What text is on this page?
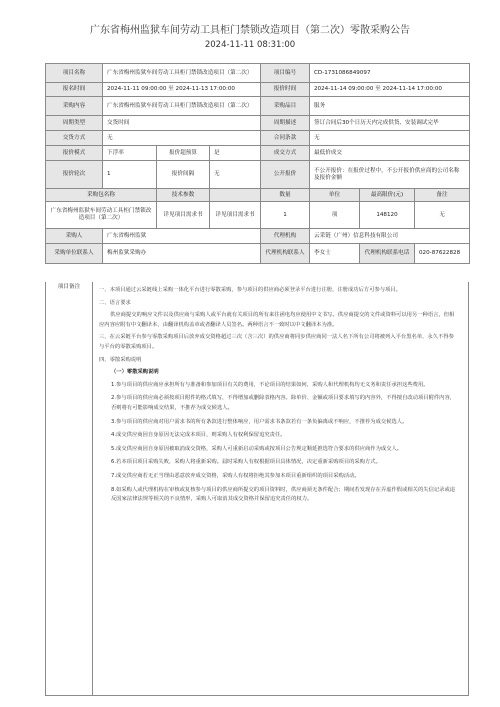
广东省梅州监狱车间劳动工具柜门禁锁改造项目（第二次）零散采购公告
2024-11-11 08:31:00
项目名称	广东省梅州监狱车间劳动工具柜门禁锁改造项目（第二次）			项目编号	CD-1731086849097		
报名时间	2024-11-11 09:00:00 至 2024-11-13 17:00:00			报价时间	2024-11-14 09:00:00 至 2024-11-14 17:00:00		
采购内容	广东省梅州监狱车间劳动工具柜门禁锁改造项目（第二次）			采购品目	服务		
周期类型	交货时间			周期描述	签订合同后30个日历天内完成供货、安装调试完毕		
交货方式	无			合同条款	无		
报价模式	下浮率	报价超预算	是	成交方式	最低价成交		
报价轮次	1	报价间隔	无	公开报价	不公开报价：在报价过程中，不公开报价供应商的公司名称及报价金额		
采购包名称		技术参数		数量	单位	最高限价(元)	备注
广东省梅州监狱车间劳动工具柜门禁锁改造项目（第二次）		详见项目需求书	详见项目需求书	1	项	148120	无
采购人	广东省梅州监狱			代理机构	云采链（广州）信息科技有限公司		
采购单位联系人	梅州监狱采购办			代理机构联系人	李女士	代理机构联系电话	020-87622828
项目备注	一、本项目通过云采链线上采购一体化平台进行零散采购，参与项目的供应商必须登录平台进行注册，注册成功后方可参与项目。
二、语言要求
供应商提交的响应文件以及供应商与采购人或平台就有关项目的所有来往函电均应使用中文书写。供应商提交的文件或资料可以用另一种语言，但相应内容应附有中文翻译本，由翻译机构盖章或者翻译人员签名。两种语言不一致时以中文翻译本为准。
三、在云采链平台参与零散采购项目后放弃成交资格超过三次（含三次）的供应商将同步供应商同一法人名下所有公司将被列入平台黑名单，永久不得参与平台的零散采购项目。
四、零散采购说明
（一）零散采购说明
1.参与项目的供应商应承担所有与准备和参加项目有关的费用，不论项目的结果如何，采购人和代理机构均无义务和责任承担这些费用。
2.参与项目的供应商必须按项目附件的格式填写，不得增加或删除表格内容。除单价、金额或项目要求填写的内容外，不得擅自改动项目附件内容，否则将有可能影响成交结果，不推荐为成交候选人。
3.参与项目的供应商对用户需求书的所有条款进行整体响应，用户需求书条款若有一条负偏离或不响应，不推荐为成交候选人。
4.成交供应商因自身原因无法完成本项目，则采购人有权利保留追究责任。
5.成交供应商因自身原因被取消成交资格，采购人可重新启动采购或按项目公告规定顺延推选符合要求的供应商作为成交人。
6.若本项目项目采购失败，采购人将重新采购。届时采购人有权根据项目具体情况，决定重新采购项目的采购方式。
7.成交供应商若无正当理由恶意放弃成交资格，采购人有权将拒绝其参加本项目重新组织的项目采购活动。
8.如采购人或代理机构在审核或复核参与项目的供应商所提交的项目资料时，供应商须无条件配合；期间若发现存在弄虚作假或相关的失信记录或违反国家法律法规等相关的不良情形，采购人可取消其成交资格并保留追究责任的权力。
